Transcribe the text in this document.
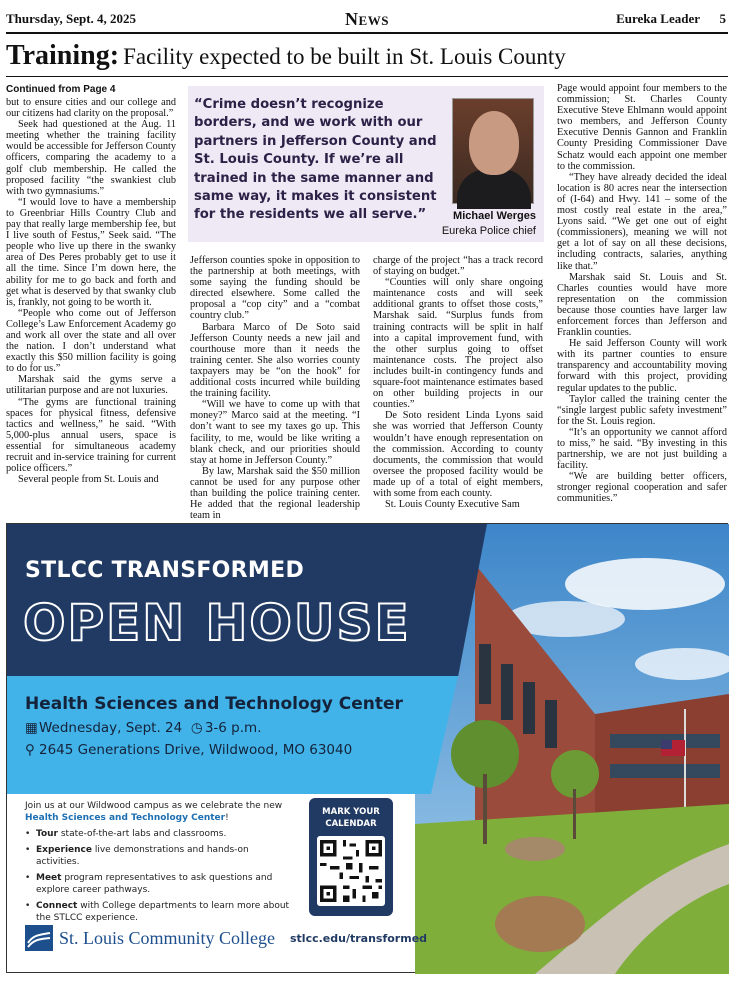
Thursday, Sept. 4, 2025	News	Eureka Leader 5
Training: Facility expected to be built in St. Louis County
Continued from Page 4

but to ensure cities and our college and our citizens had clarity on the proposal.”

Seek had questioned at the Aug. 11 meeting whether the training facility would be accessible for Jefferson County officers, comparing the academy to a golf club membership. He called the proposed facility “the swankiest club with two gymnasiums.”

“I would love to have a membership to Greenbriar Hills Country Club and pay that really large membership fee, but I live south of Festus,” Seek said. “The people who live up there in the swanky area of Des Peres probably get to use it all the time. Since I’m down here, the ability for me to go back and forth and get what is deserved by that swanky club is, frankly, not going to be worth it.

“People who come out of Jefferson College’s Law Enforcement Academy go and work all over the state and all over the nation. I don’t understand what exactly this $50 million facility is going to do for us.”

Marshak said the gyms serve a utilitarian purpose and are not luxuries.

“The gyms are functional training spaces for physical fitness, defensive tactics and wellness,” he said. “With 5,000-plus annual users, space is essential for simultaneous academy recruit and in-service training for current police officers.”

Several people from St. Louis and

“Crime doesn’t recognize borders, and we work with our partners in Jefferson County and St. Louis County. If we’re all trained in the same manner and same way, it makes it consistent for the residents we all serve.”	Michael Werges
Eureka Police chief

Jefferson counties spoke in opposition to the partnership at both meetings, with some saying the funding should be directed elsewhere. Some called the proposal a “cop city” and a “combat country club.”

Barbara Marco of De Soto said Jefferson County needs a new jail and courthouse more than it needs the training center. She also worries county taxpayers may be “on the hook” for additional costs incurred while building the training facility.

“Will we have to come up with that money?” Marco said at the meeting. “I don’t want to see my taxes go up. This facility, to me, would be like writing a blank check, and our priorities should stay at home in Jefferson County.”

By law, Marshak said the $50 million cannot be used for any purpose other than building the police training center. He added that the regional leadership team in

charge of the project “has a track record of staying on budget.”

“Counties will only share ongoing maintenance costs and will seek additional grants to offset those costs,” Marshak said. “Surplus funds from training contracts will be split in half into a capital improvement fund, with the other surplus going to offset maintenance costs. The project also includes built-in contingency funds and square-foot maintenance estimates based on other building projects in our counties.”

De Soto resident Linda Lyons said she was worried that Jefferson County wouldn’t have enough representation on the commission. According to county documents, the commission that would oversee the proposed facility would be made up of a total of eight members, with some from each county.

St. Louis County Executive Sam

Page would appoint four members to the commission; St. Charles County Executive Steve Ehlmann would appoint two members, and Jefferson County Executive Dennis Gannon and Franklin County Presiding Commissioner Dave Schatz would each appoint one member to the commission.

“They have already decided the ideal location is 80 acres near the intersection of (I-64) and Hwy. 141 – some of the most costly real estate in the area,” Lyons said. “We get one out of eight (commissioners), meaning we will not get a lot of say on all these decisions, including contracts, salaries, anything like that.”

Marshak said St. Louis and St. Charles counties would have more representation on the commission because those counties have larger law enforcement forces than Jefferson and Franklin counties.

He said Jefferson County will work with its partner counties to ensure transparency and accountability moving forward with this project, providing regular updates to the public.

Taylor called the training center the “single largest public safety investment” for the St. Louis region.

“It’s an opportunity we cannot afford to miss,” he said. “By investing in this partnership, we are not just building a facility.

“We are building better officers, stronger regional cooperation and safer communities.”

STLCC TRANSFORMED
OPEN HOUSE
Health Sciences and Technology Center
▦Wednesday, Sept. 24 ◷ 3-6 p.m.
⚲ 2645 Generations Drive, Wildwood, MO 63040
Join us at our Wildwood campus as we celebrate the new Health Sciences and Technology Center!
• Tour state-of-the-art labs and classrooms.
• Experience live demonstrations and hands-on activities.
• Meet program representatives to ask questions and explore career pathways.
• Connect with College departments to learn more about the STLCC experience.
MARK YOUR CALENDAR
St. Louis Community College stlcc.edu/transformed
